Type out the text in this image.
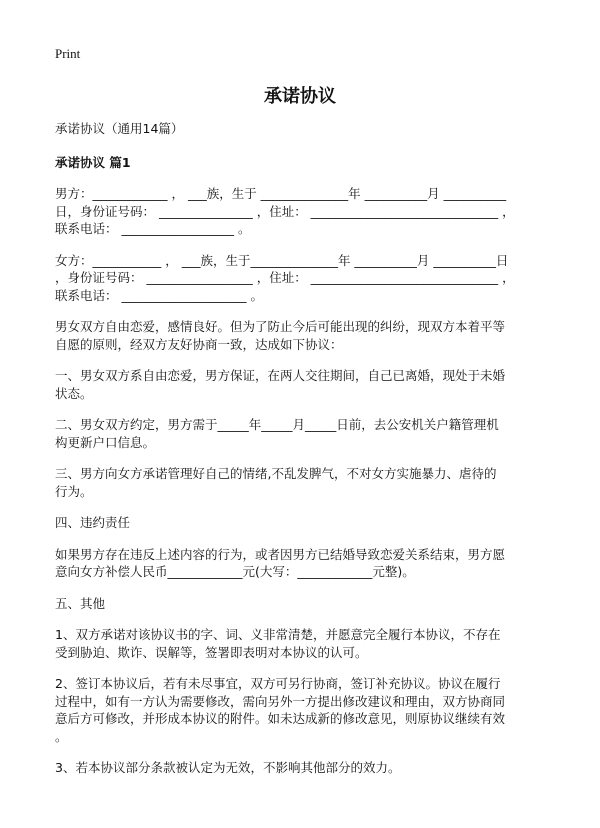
Print
承诺协议
承诺协议（通用14篇）
承诺协议 篇1
男方：____________ ， ___族，生于 ______________年 __________月 __________
日，身份证号码： _______________ ，住址： ______________________________ ，
联系电话： __________________ 。
女方：___________ ， ___族，生于______________年 __________月 __________日
，身份证号码： _________________ ，住址： ______________________________ ，
联系电话： ____________________ 。
男女双方自由恋爱，感情良好。但为了防止今后可能出现的纠纷，现双方本着平等
自愿的原则，经双方友好协商一致，达成如下协议：
一、男女双方系自由恋爱，男方保证，在两人交往期间，自己已离婚，现处于未婚
状态。
二、男女双方约定，男方需于_____年_____月_____日前，去公安机关户籍管理机
构更新户口信息。
三、男方向女方承诺管理好自己的情绪,不乱发脾气，不对女方实施暴力、虐待的
行为。
四、违约责任
如果男方存在违反上述内容的行为，或者因男方已结婚导致恋爱关系结束，男方愿
意向女方补偿人民币____________元(大写：____________元整)。
五、其他
1、双方承诺对该协议书的字、词、义非常清楚，并愿意完全履行本协议，不存在
受到胁迫、欺诈、误解等，签署即表明对本协议的认可。
2、签订本协议后，若有未尽事宜，双方可另行协商，签订补充协议。协议在履行
过程中，如有一方认为需要修改，需向另外一方提出修改建议和理由，双方协商同
意后方可修改，并形成本协议的附件。如未达成新的修改意见，则原协议继续有效
。
3、若本协议部分条款被认定为无效，不影响其他部分的效力。
